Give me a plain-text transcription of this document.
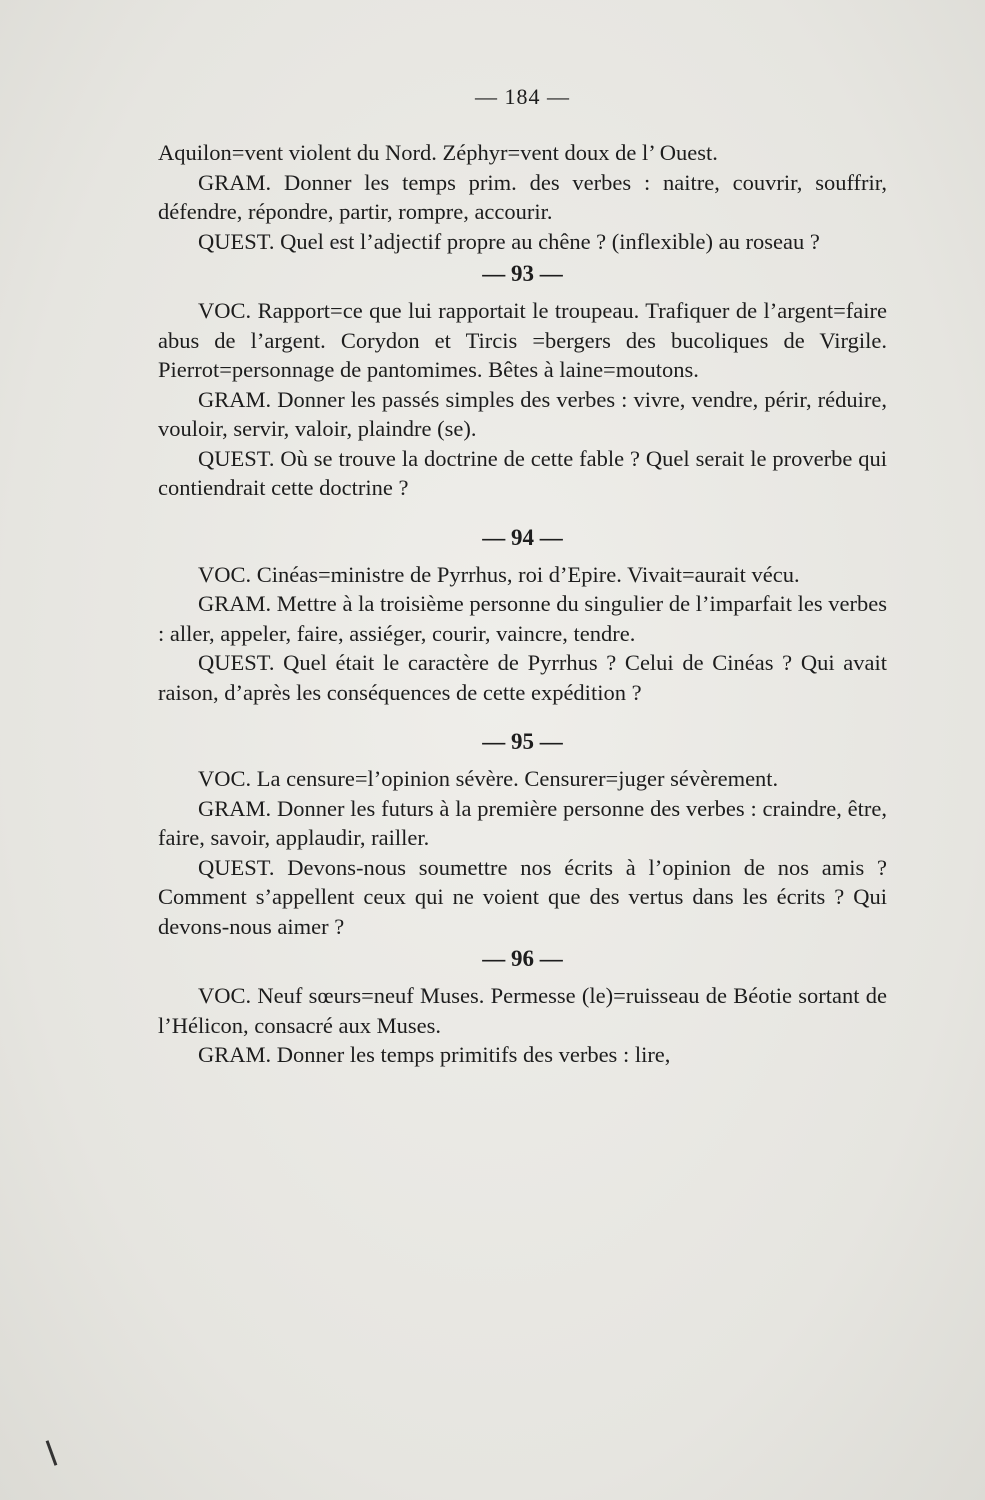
— 184 —

Aquilon=vent violent du Nord. Zéphyr=vent doux de l’ Ouest.

GRAM. Donner les temps prim. des verbes : naitre, couvrir, souffrir, défendre, répondre, partir, rompre, accourir.

QUEST. Quel est l’adjectif propre au chêne ? (inflexible) au roseau ?

— 93 —

VOC. Rapport=ce que lui rapportait le troupeau. Trafiquer de l’argent=faire abus de l’argent. Corydon et Tircis =bergers des bucoliques de Virgile. Pierrot=personnage de pantomimes. Bêtes à laine=moutons.

GRAM. Donner les passés simples des verbes : vivre, vendre, périr, réduire, vouloir, servir, valoir, plaindre (se).

QUEST. Où se trouve la doctrine de cette fable ? Quel serait le proverbe qui contiendrait cette doctrine ?

— 94 —

VOC. Cinéas=ministre de Pyrrhus, roi d’Epire. Vivait=aurait vécu.

GRAM. Mettre à la troisième personne du singulier de l’imparfait les verbes : aller, appeler, faire, assiéger, courir, vaincre, tendre.

QUEST. Quel était le caractère de Pyrrhus ? Celui de Cinéas ? Qui avait raison, d’après les conséquences de cette expédition ?

— 95 —

VOC. La censure=l’opinion sévère. Censurer=juger sévèrement.

GRAM. Donner les futurs à la première personne des verbes : craindre, être, faire, savoir, applaudir, railler.

QUEST. Devons-nous soumettre nos écrits à l’opinion de nos amis ? Comment s’appellent ceux qui ne voient que des vertus dans les écrits ? Qui devons-nous aimer ?

— 96 —

VOC. Neuf sœurs=neuf Muses. Permesse (le)=ruisseau de Béotie sortant de l’Hélicon, consacré aux Muses.

GRAM. Donner les temps primitifs des verbes : lire,
